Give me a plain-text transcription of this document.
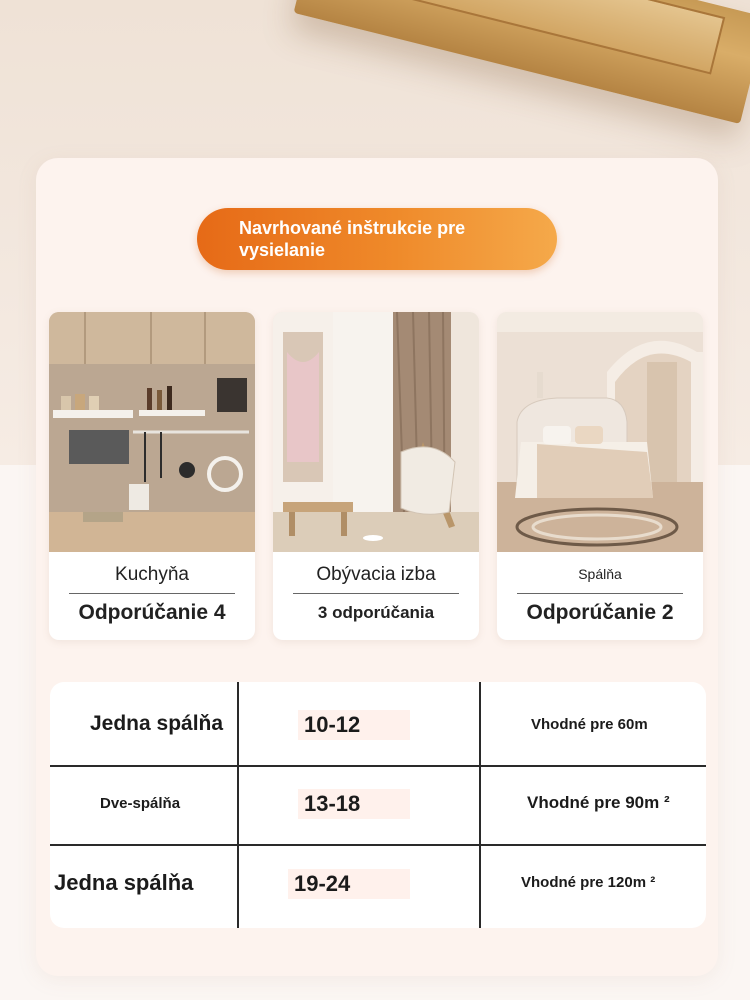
Navrhované inštrukcie pre vysielanie
Kuchyňa
Odporúčanie 4
Obývacia izba
3 odporúčania
Spálňa
Odporúčanie 2
Jedna spálňa	10-12	Vhodné pre 60m
Dve-spálňa	13-18	Vhodné pre 90m ²
Jedna spálňa	19-24	Vhodné pre 120m ²
